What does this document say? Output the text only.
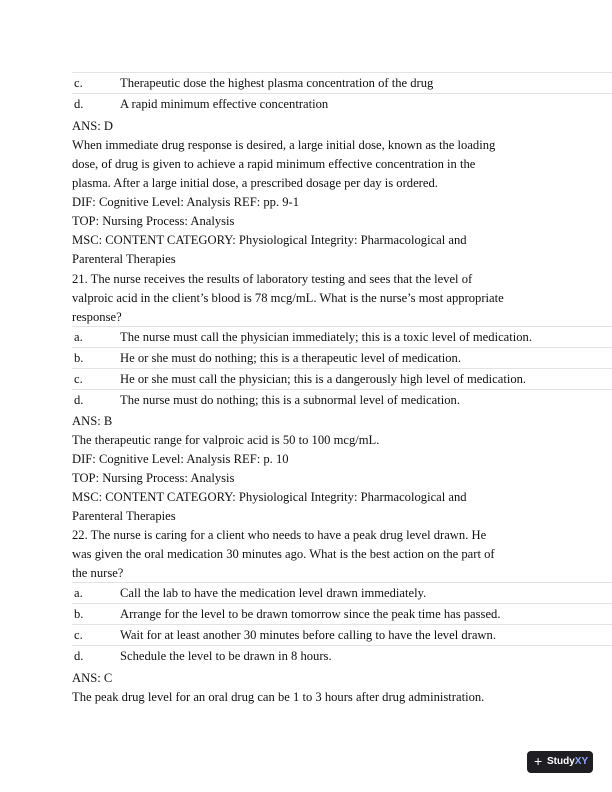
c.	Therapeutic dose the highest plasma concentration of the drug
d.	A rapid minimum effective concentration
ANS: D
When immediate drug response is desired, a large initial dose, known as the loading
dose, of drug is given to achieve a rapid minimum effective concentration in the
plasma. After a large initial dose, a prescribed dosage per day is ordered.
DIF: Cognitive Level: Analysis REF: pp. 9-1
TOP: Nursing Process: Analysis
MSC: CONTENT CATEGORY: Physiological Integrity: Pharmacological and
Parenteral Therapies
21. The nurse receives the results of laboratory testing and sees that the level of
valproic acid in the client’s blood is 78 mcg/mL. What is the nurse’s most appropriate
response?
a.	The nurse must call the physician immediately; this is a toxic level of medication.
b.	He or she must do nothing; this is a therapeutic level of medication.
c.	He or she must call the physician; this is a dangerously high level of medication.
d.	The nurse must do nothing; this is a subnormal level of medication.
ANS: B
The therapeutic range for valproic acid is 50 to 100 mcg/mL.
DIF: Cognitive Level: Analysis REF: p. 10
TOP: Nursing Process: Analysis
MSC: CONTENT CATEGORY: Physiological Integrity: Pharmacological and
Parenteral Therapies
22. The nurse is caring for a client who needs to have a peak drug level drawn. He
was given the oral medication 30 minutes ago. What is the best action on the part of
the nurse?
a.	Call the lab to have the medication level drawn immediately.
b.	Arrange for the level to be drawn tomorrow since the peak time has passed.
c.	Wait for at least another 30 minutes before calling to have the level drawn.
d.	Schedule the level to be drawn in 8 hours.
ANS: C
The peak drug level for an oral drug can be 1 to 3 hours after drug administration.
+ StudyXY
